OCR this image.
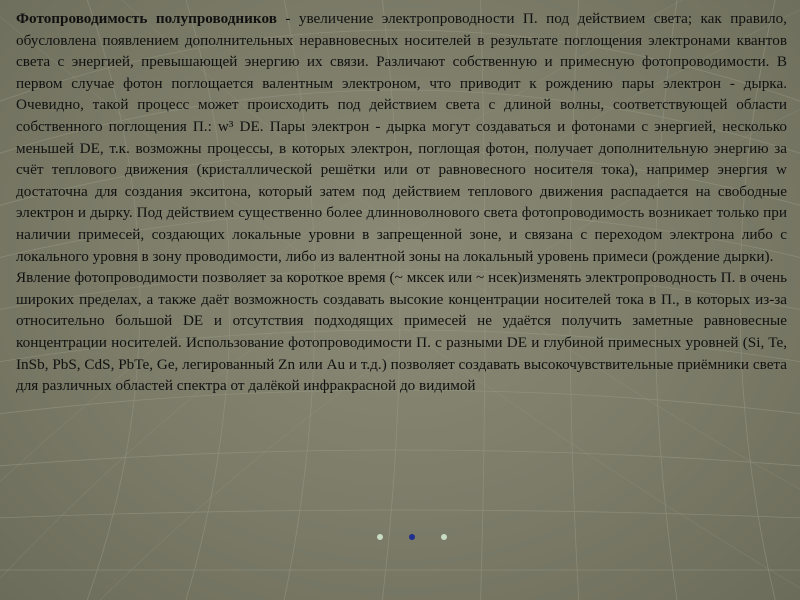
Фотопроводимость полупроводников - увеличение электропроводности П. под действием света; как правило, обусловлена появлением дополнительных неравновесных носителей в результате поглощения электронами квантов света с энергией, превышающей энергию их связи. Различают собственную и примесную фотопроводимости. В первом случае фотон поглощается валентным электроном, что приводит к рождению пары электрон - дырка. Очевидно, такой процесс может происходить под действием света с длиной волны, соответствующей области собственного поглощения П.: w³ DE. Пары электрон - дырка могут создаваться и фотонами с энергией, несколько меньшей DE, т.к. возможны процессы, в которых электрон, поглощая фотон, получает дополнительную энергию за счёт теплового движения (кристаллической решётки или от равновесного носителя тока), например энергия w достаточна для создания экситона, который затем под действием теплового движения распадается на свободные электрон и дырку. Под действием существенно более длинноволнового света фотопроводимость возникает только при наличии примесей, создающих локальные уровни в запрещенной зоне, и связана с переходом электрона либо с локального уровня в зону проводимости, либо из валентной зоны на локальный уровень примеси (рождение дырки).

Явление фотопроводимости позволяет за короткое время (~ мксек или ~ нсек)изменять электропроводность П. в очень широких пределах, а также даёт возможность создавать высокие концентрации носителей тока в П., в которых из-за относительно большой DE и отсутствия подходящих примесей не удаётся получить заметные равновесные концентрации носителей. Использование фотопроводимости П. с разными DE и глубиной примесных уровней (Si, Te, InSb, PbS, CdS, PbTe, Ge, легированный Zn или Au и т.д.) позволяет создавать высокочувствительные приёмники света для различных областей спектра от далёкой инфракрасной до видимой
